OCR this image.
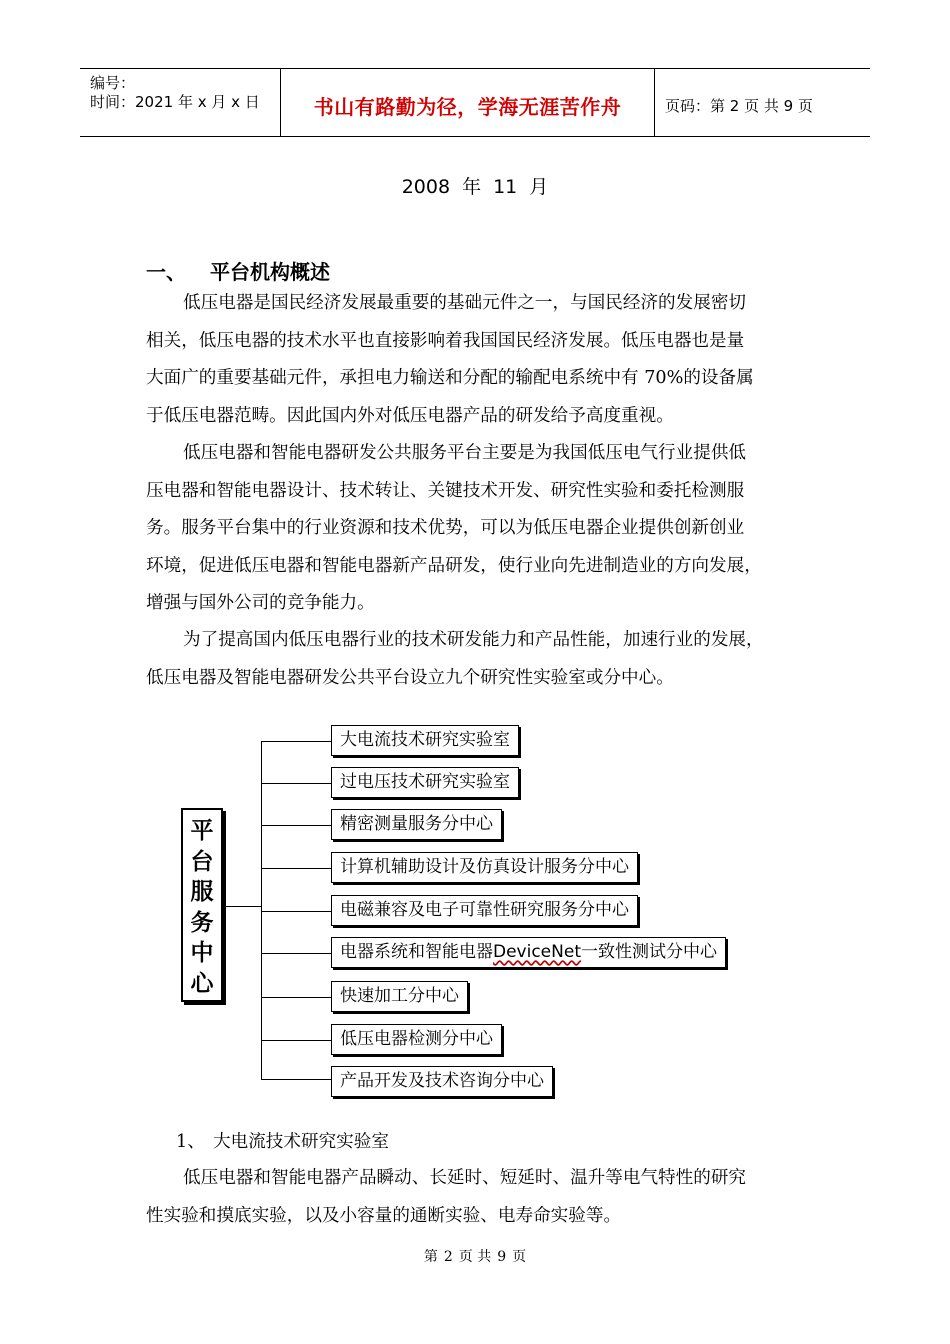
编号：
时间：2021 年 x 月 x 日	书山有路勤为径，学海无涯苦作舟	页码：第 2 页 共 9 页
2008 年 11 月
一、 平台机构概述
低压电器是国民经济发展最重要的基础元件之一，与国民经济的发展密切
相关，低压电器的技术水平也直接影响着我国国民经济发展。低压电器也是量
大面广的重要基础元件，承担电力输送和分配的输配电系统中有 70%的设备属
于低压电器范畴。因此国内外对低压电器产品的研发给予高度重视。
低压电器和智能电器研发公共服务平台主要是为我国低压电气行业提供低
压电器和智能电器设计、技术转让、关键技术开发、研究性实验和委托检测服
务。服务平台集中的行业资源和技术优势，可以为低压电器企业提供创新创业
环境，促进低压电器和智能电器新产品研发，使行业向先进制造业的方向发展，
增强与国外公司的竞争能力。
为了提高国内低压电器行业的技术研发能力和产品性能，加速行业的发展，
低压电器及智能电器研发公共平台设立九个研究性实验室或分中心。
平
台
服
务
中
心
大电流技术研究实验室
过电压技术研究实验室
精密测量服务分中心
计算机辅助设计及仿真设计服务分中心
电磁兼容及电子可靠性研究服务分中心
电器系统和智能电器DeviceNet一致性测试分中心
快速加工分中心
低压电器检测分中心
产品开发及技术咨询分中心
1、 大电流技术研究实验室
低压电器和智能电器产品瞬动、长延时、短延时、温升等电气特性的研究
性实验和摸底实验，以及小容量的通断实验、电寿命实验等。
第 2 页 共 9 页
